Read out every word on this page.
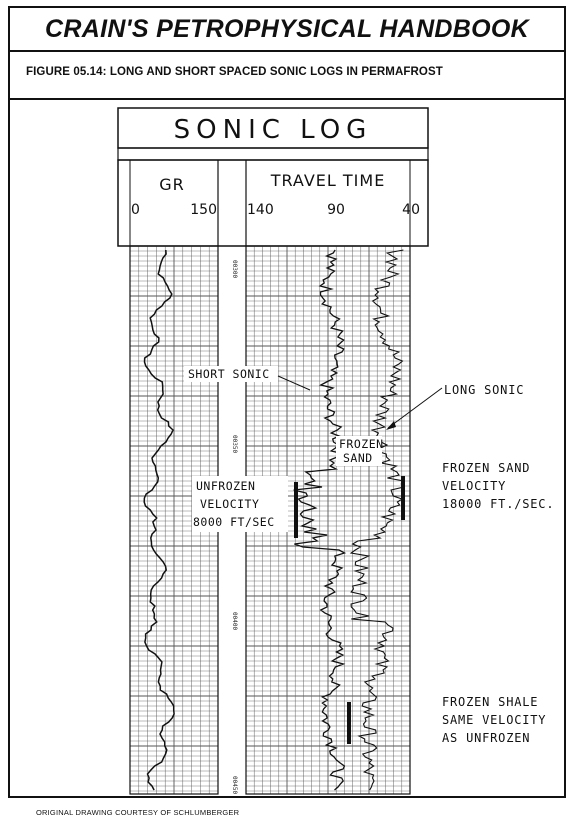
CRAIN'S PETROPHYSICAL HANDBOOK
FIGURE 05.14: LONG AND SHORT SPACED SONIC LOGS IN PERMAFROST
SONIC LOG
GR
0	150
TRAVEL TIME
140	90	40
00300
00350
00400
00450
SHORT SONIC
FROZEN
SAND
UNFROZEN
VELOCITY
8000 FT/SEC
LONG SONIC
FROZEN SAND
VELOCITY
18000 FT./SEC.
FROZEN SHALE
SAME VELOCITY
AS UNFROZEN
ORIGINAL DRAWING COURTESY OF SCHLUMBERGER
